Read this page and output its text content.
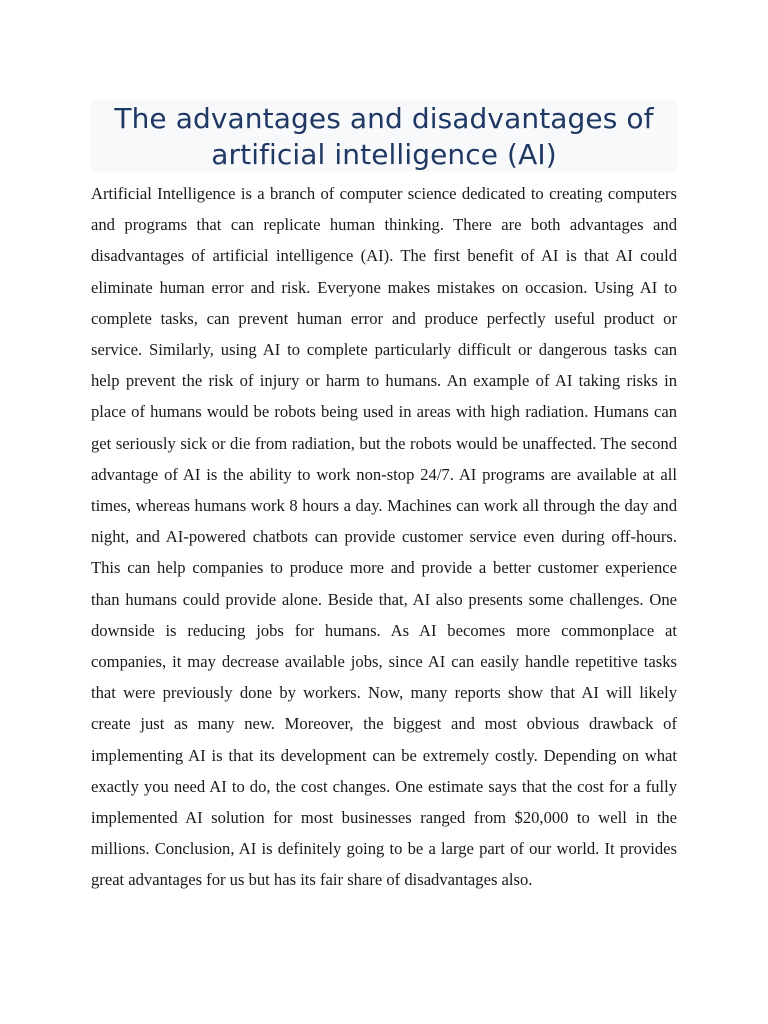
The advantages and disadvantages of artificial intelligence (AI)

Artificial Intelligence is a branch of computer science dedicated to creating computers and programs that can replicate human thinking. There are both advantages and disadvantages of artificial intelligence (AI). The first benefit of AI is that AI could eliminate human error and risk. Everyone makes mistakes on occasion. Using AI to complete tasks, can prevent human error and produce perfectly useful product or service. Similarly, using AI to complete particularly difficult or dangerous tasks can help prevent the risk of injury or harm to humans. An example of AI taking risks in place of humans would be robots being used in areas with high radiation. Humans can get seriously sick or die from radiation, but the robots would be unaffected. The second advantage of AI is the ability to work non-stop 24/7. AI programs are available at all times, whereas humans work 8 hours a day. Machines can work all through the day and night, and AI-powered chatbots can provide customer service even during off-hours. This can help companies to produce more and provide a better customer experience than humans could provide alone. Beside that, AI also presents some challenges. One downside is reducing jobs for humans. As AI becomes more commonplace at companies, it may decrease available jobs, since AI can easily handle repetitive tasks that were previously done by workers. Now, many reports show that AI will likely create just as many new. Moreover, the biggest and most obvious drawback of implementing AI is that its development can be extremely costly. Depending on what exactly you need AI to do, the cost changes. One estimate says that the cost for a fully implemented AI solution for most businesses ranged from $20,000 to well in the millions. Conclusion, AI is definitely going to be a large part of our world. It provides great advantages for us but has its fair share of disadvantages also.
